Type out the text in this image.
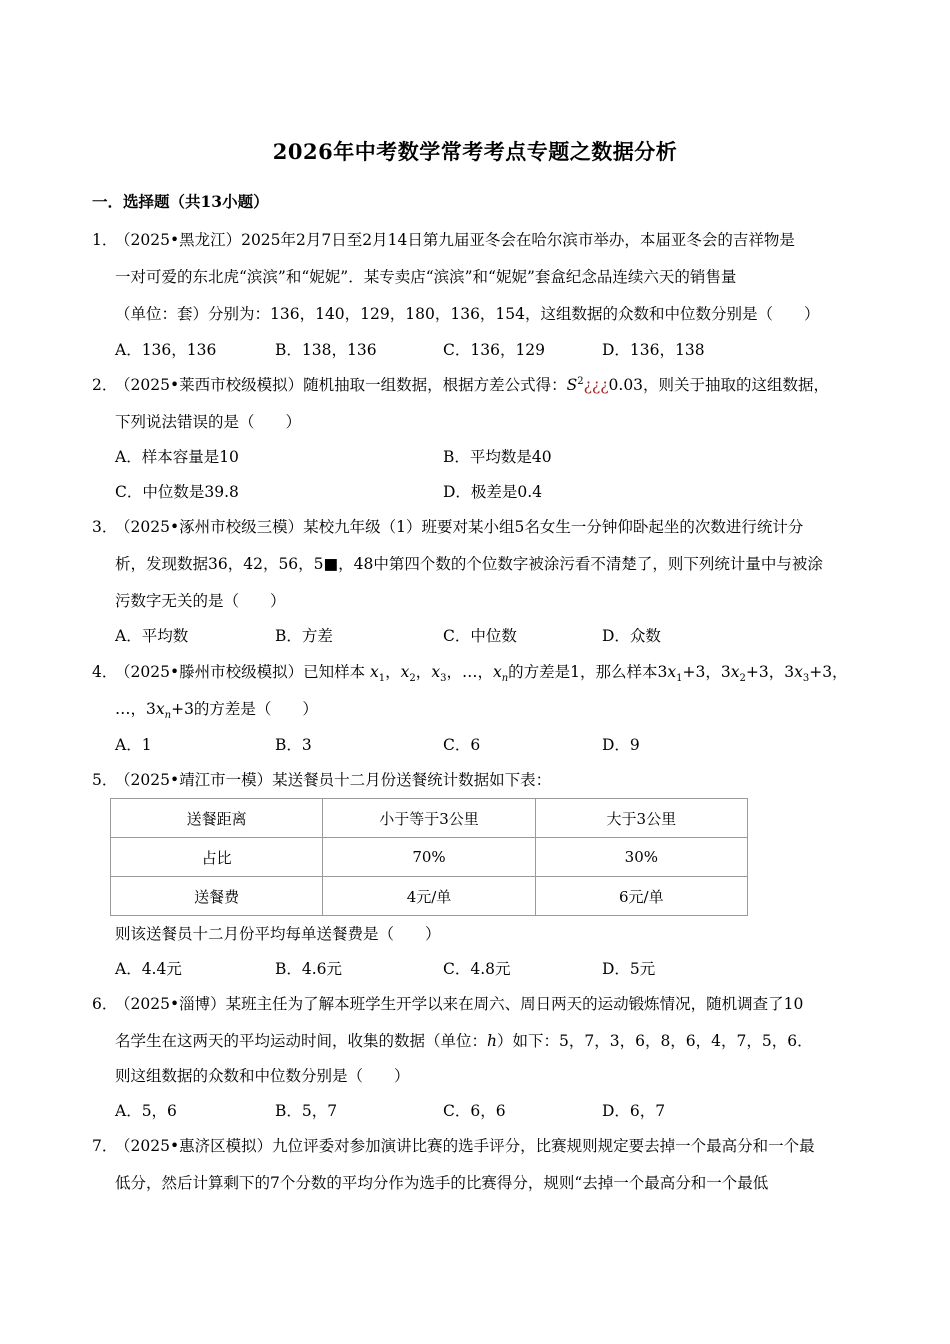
2026年中考数学常考考点专题之数据分析
一．选择题（共13小题）
1．
（2025•黑龙江）2025年2月7日至2月14日第九届亚冬会在哈尔滨市举办，本届亚冬会的吉祥物是
一对可爱的东北虎“滨滨”和“妮妮”．某专卖店“滨滨”和“妮妮”套盒纪念品连续六天的销售量
（单位：套）分别为：136，140，129，180，136，154，这组数据的众数和中位数分别是（　　）
A．136，136	B．138，136	C．136，129	D．136，138
2．
（2025•莱西市校级模拟）随机抽取一组数据，根据方差公式得：$S^2¿¿¿0.03$，则关于抽取的这组数据，
下列说法错误的是（　　）
A．样本容量是10	B．平均数是40
C．中位数是39.8	D．极差是0.4
3．
（2025•涿州市校级三模）某校九年级（1）班要对某小组5名女生一分钟仰卧起坐的次数进行统计分
析，发现数据36，42，56，5■，48中第四个数的个位数字被涂污看不清楚了，则下列统计量中与被涂
污数字无关的是（　　）
A．平均数	B．方差	C．中位数	D．众数
4．
（2025•滕州市校级模拟）已知样本 $x_1$，$x_2$，$x_3$，…，$x_n$的方差是1，那么样本$3x_1+3$，$3x_2+3$，$3x_3+3$，
…，$3x_n+3$的方差是（　　）
A．1	B．3	C．6	D．9
5．
（2025•靖江市一模）某送餐员十二月份送餐统计数据如下表：
送餐距离	小于等于3公里	大于3公里
占比	70%	30%
送餐费	4元/单	6元/单
则该送餐员十二月份平均每单送餐费是（　　）
A．4.4元	B．4.6元	C．4.8元	D．5元
6．
（2025•淄博）某班主任为了解本班学生开学以来在周六、周日两天的运动锻炼情况，随机调查了10
名学生在这两天的平均运动时间，收集的数据（单位：h）如下：5，7，3，6，8，6，4，7，5，6．
则这组数据的众数和中位数分别是（　　）
A．5，6	B．5，7	C．6，6	D．6，7
7．
（2025•惠济区模拟）九位评委对参加演讲比赛的选手评分，比赛规则规定要去掉一个最高分和一个最
低分，然后计算剩下的7个分数的平均分作为选手的比赛得分，规则“去掉一个最高分和一个最低
